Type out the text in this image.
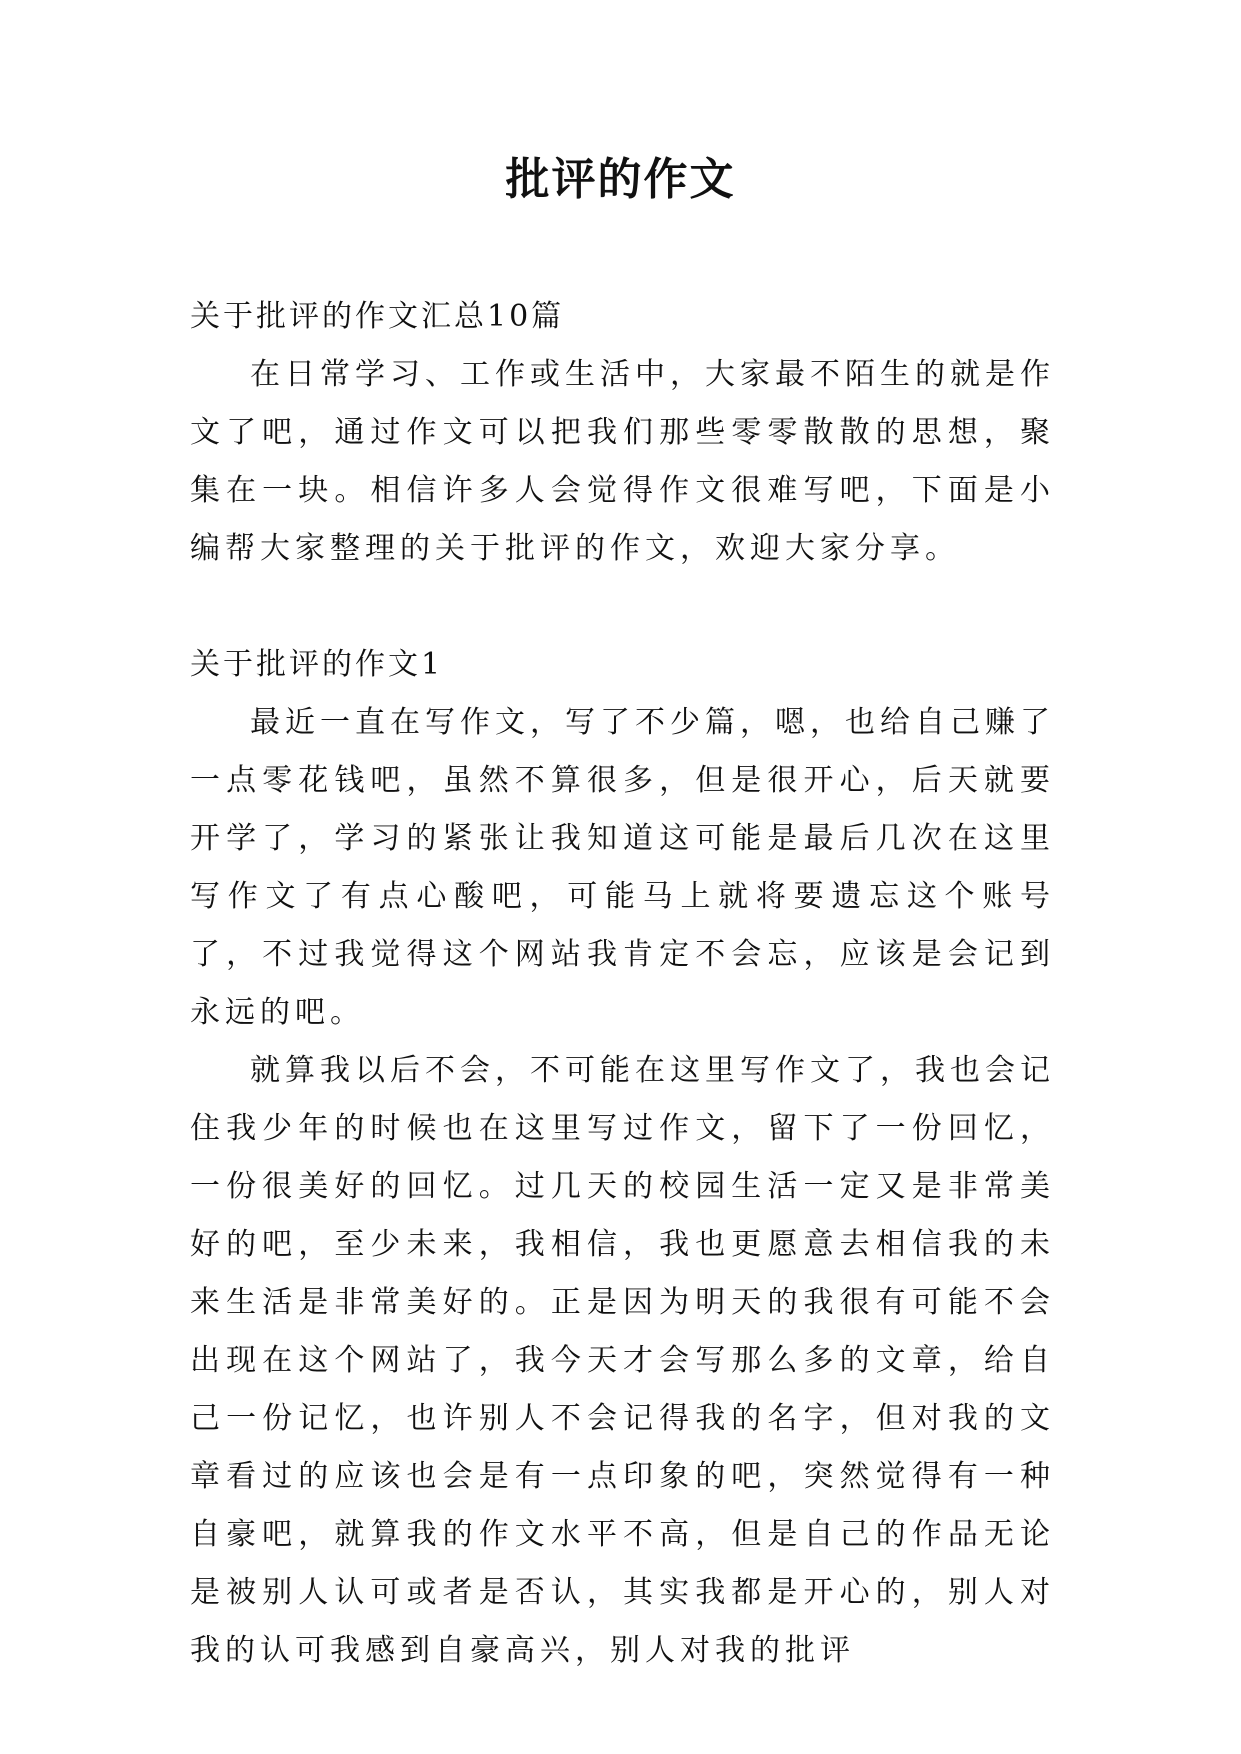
批评的作文

关于批评的作文汇总10篇

在日常学习、工作或生活中，大家最不陌生的就是作文了吧，通过作文可以把我们那些零零散散的思想，聚集在一块。相信许多人会觉得作文很难写吧，下面是小编帮大家整理的关于批评的作文，欢迎大家分享。

关于批评的作文1

最近一直在写作文，写了不少篇，嗯，也给自己赚了一点零花钱吧，虽然不算很多，但是很开心，后天就要开学了，学习的紧张让我知道这可能是最后几次在这里写作文了有点心酸吧，可能马上就将要遗忘这个账号了，不过我觉得这个网站我肯定不会忘，应该是会记到永远的吧。

就算我以后不会，不可能在这里写作文了，我也会记住我少年的时候也在这里写过作文，留下了一份回忆，一份很美好的回忆。过几天的校园生活一定又是非常美好的吧，至少未来，我相信，我也更愿意去相信我的未来生活是非常美好的。正是因为明天的我很有可能不会出现在这个网站了，我今天才会写那么多的文章，给自己一份记忆，也许别人不会记得我的名字，但对我的文章看过的应该也会是有一点印象的吧，突然觉得有一种自豪吧，就算我的作文水平不高，但是自己的作品无论是被别人认可或者是否认，其实我都是开心的，别人对我的认可我感到自豪高兴，别人对我的批评
